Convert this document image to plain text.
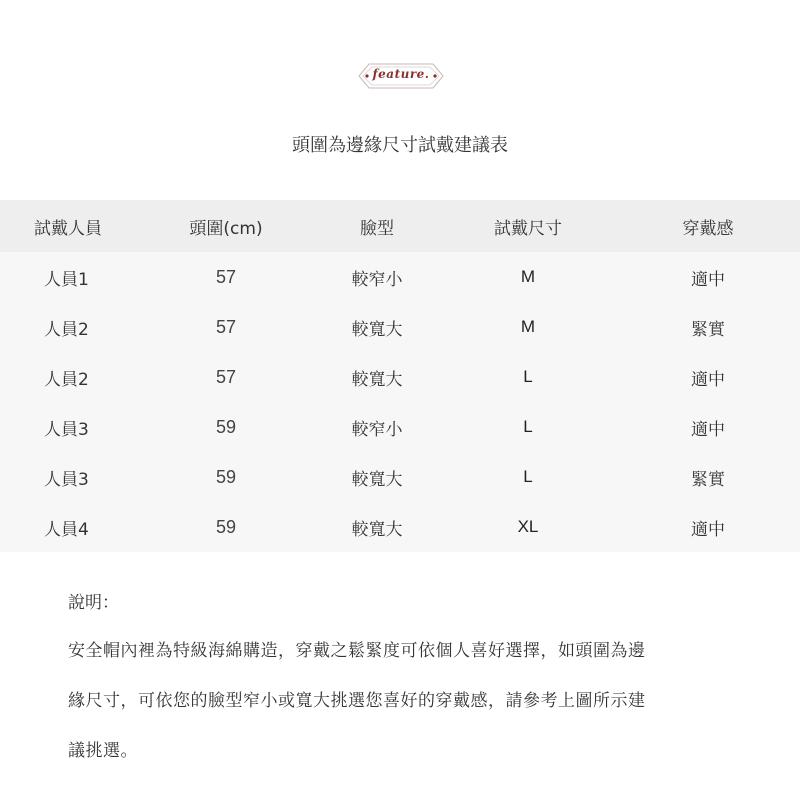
feature.
頭圍為邊緣尺寸試戴建議表
試戴人員	頭圍(cm)	臉型	試戴尺寸	穿戴感
人員1	57	較窄小	M	適中
人員2	57	較寬大	M	緊實
人員2	57	較寬大	L	適中
人員3	59	較窄小	L	適中
人員3	59	較寬大	L	緊實
人員4	59	較寬大	XL	適中
說明：
安全帽內裡為特級海綿購造，穿戴之鬆緊度可依個人喜好選擇，如頭圍為邊
緣尺寸，可依您的臉型窄小或寬大挑選您喜好的穿戴感，請參考上圖所示建
議挑選。
